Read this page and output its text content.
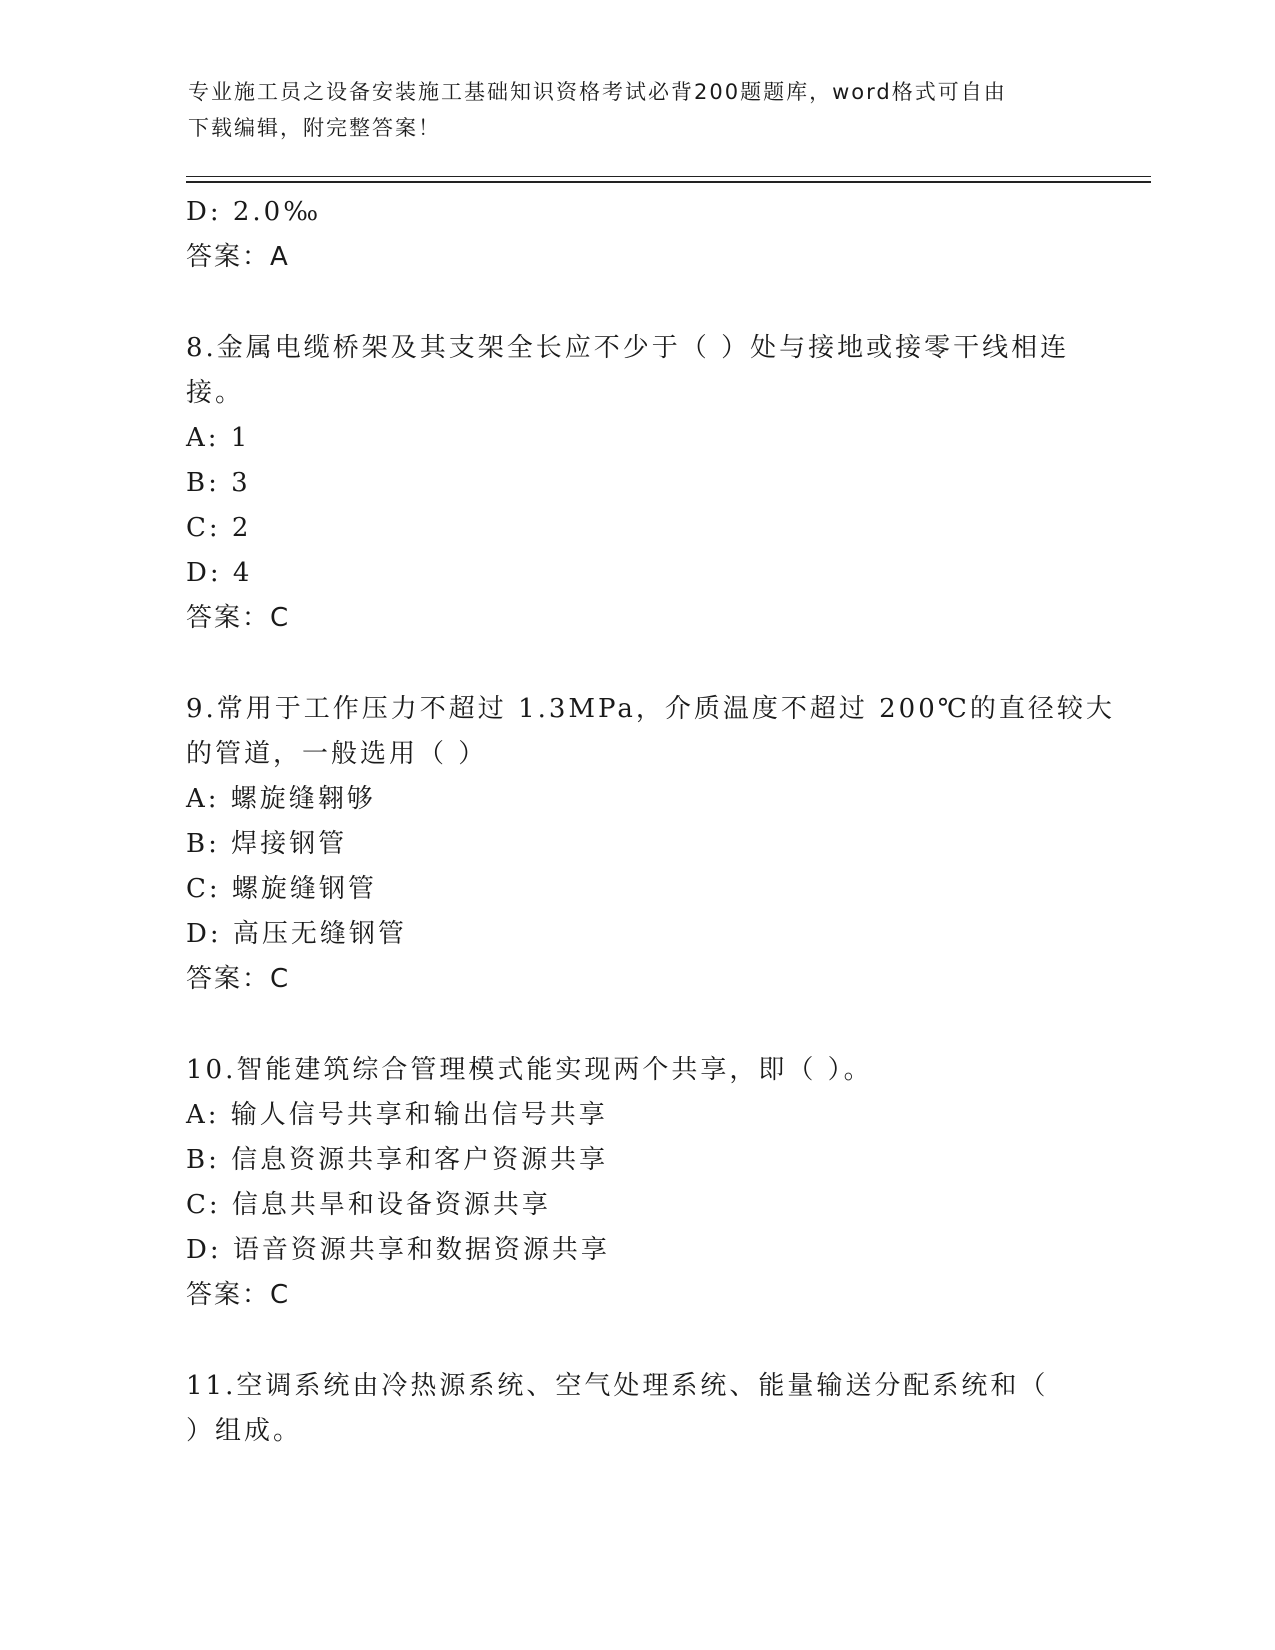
专业施工员之设备安装施工基础知识资格考试必背200题题库，word格式可自由
下载编辑，附完整答案！
D: 2.0‰
答案：A
8.金属电缆桥架及其支架全长应不少于（ ）处与接地或接零干线相连
接。
A: 1
B: 3
C: 2
D: 4
答案：C
9.常用于工作压力不超过 1.3MPa，介质温度不超过 200℃的直径较大
的管道，一般选用（ ）
A: 螺旋缝翱够
B: 焊接钢管
C: 螺旋缝钢管
D: 高压无缝钢管
答案：C
10.智能建筑综合管理模式能实现两个共享，即（ ）。
A: 输人信号共享和输出信号共享
B: 信息资源共享和客户资源共享
C: 信息共旱和设备资源共享
D: 语音资源共享和数据资源共享
答案：C
11.空调系统由冷热源系统、空气处理系统、能量输送分配系统和（
）组成。
